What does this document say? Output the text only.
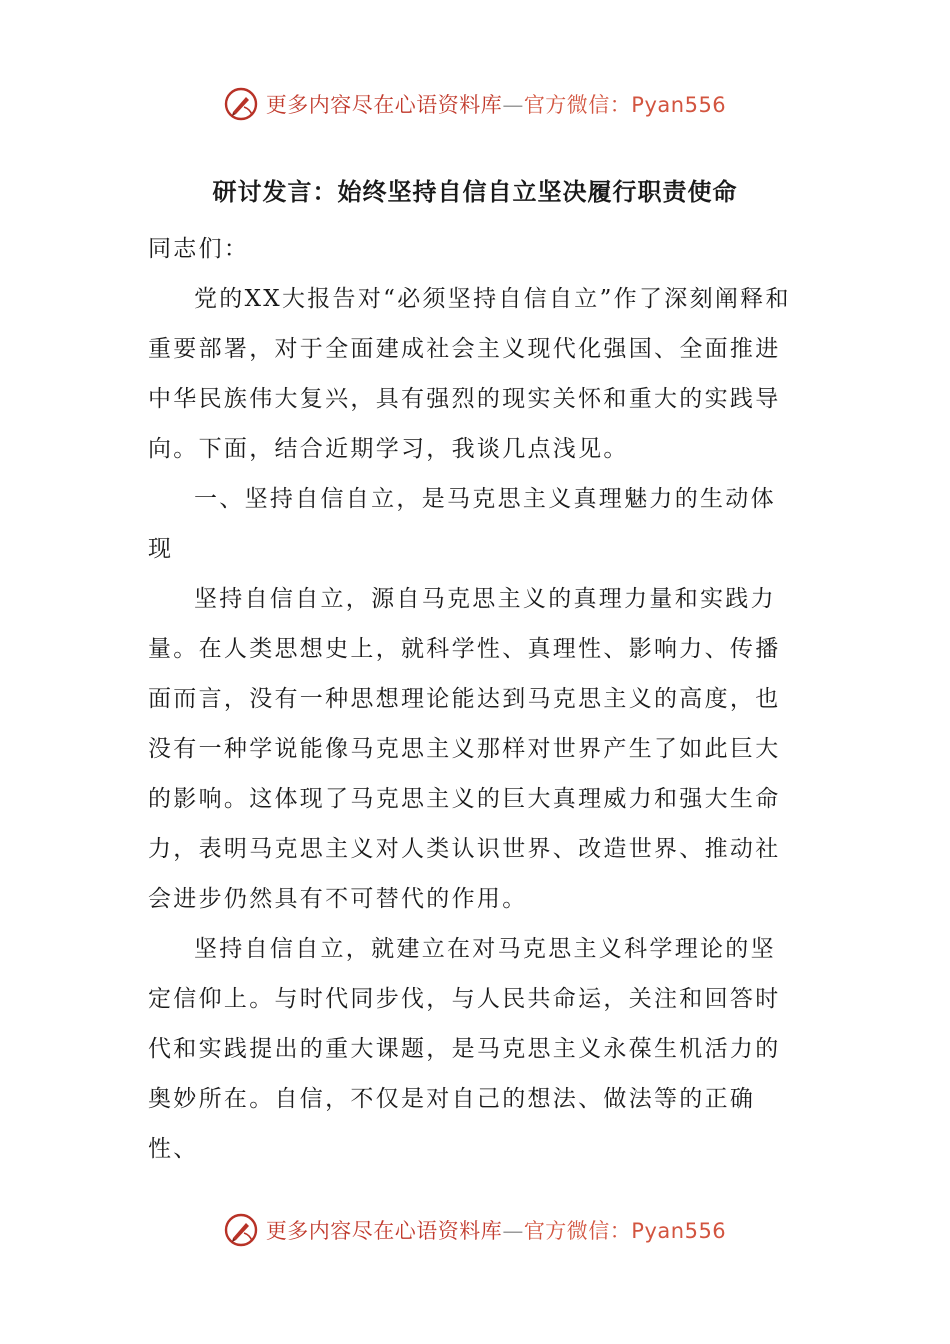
更多内容尽在心语资料库—官方微信：Pyan556
研讨发言：始终坚持自信自立坚决履行职责使命

同志们：

党的XX大报告对“必须坚持自信自立”作了深刻阐释和重要部署，对于全面建成社会主义现代化强国、全面推进中华民族伟大复兴，具有强烈的现实关怀和重大的实践导向。下面，结合近期学习，我谈几点浅见。

一、坚持自信自立，是马克思主义真理魅力的生动体现

坚持自信自立，源自马克思主义的真理力量和实践力量。在人类思想史上，就科学性、真理性、影响力、传播面而言，没有一种思想理论能达到马克思主义的高度，也没有一种学说能像马克思主义那样对世界产生了如此巨大的影响。这体现了马克思主义的巨大真理威力和强大生命力，表明马克思主义对人类认识世界、改造世界、推动社会进步仍然具有不可替代的作用。

坚持自信自立，就建立在对马克思主义科学理论的坚定信仰上。与时代同步伐，与人民共命运，关注和回答时代和实践提出的重大课题，是马克思主义永葆生机活力的奥妙所在。自信，不仅是对自己的想法、做法等的正确性、

更多内容尽在心语资料库—官方微信：Pyan556
